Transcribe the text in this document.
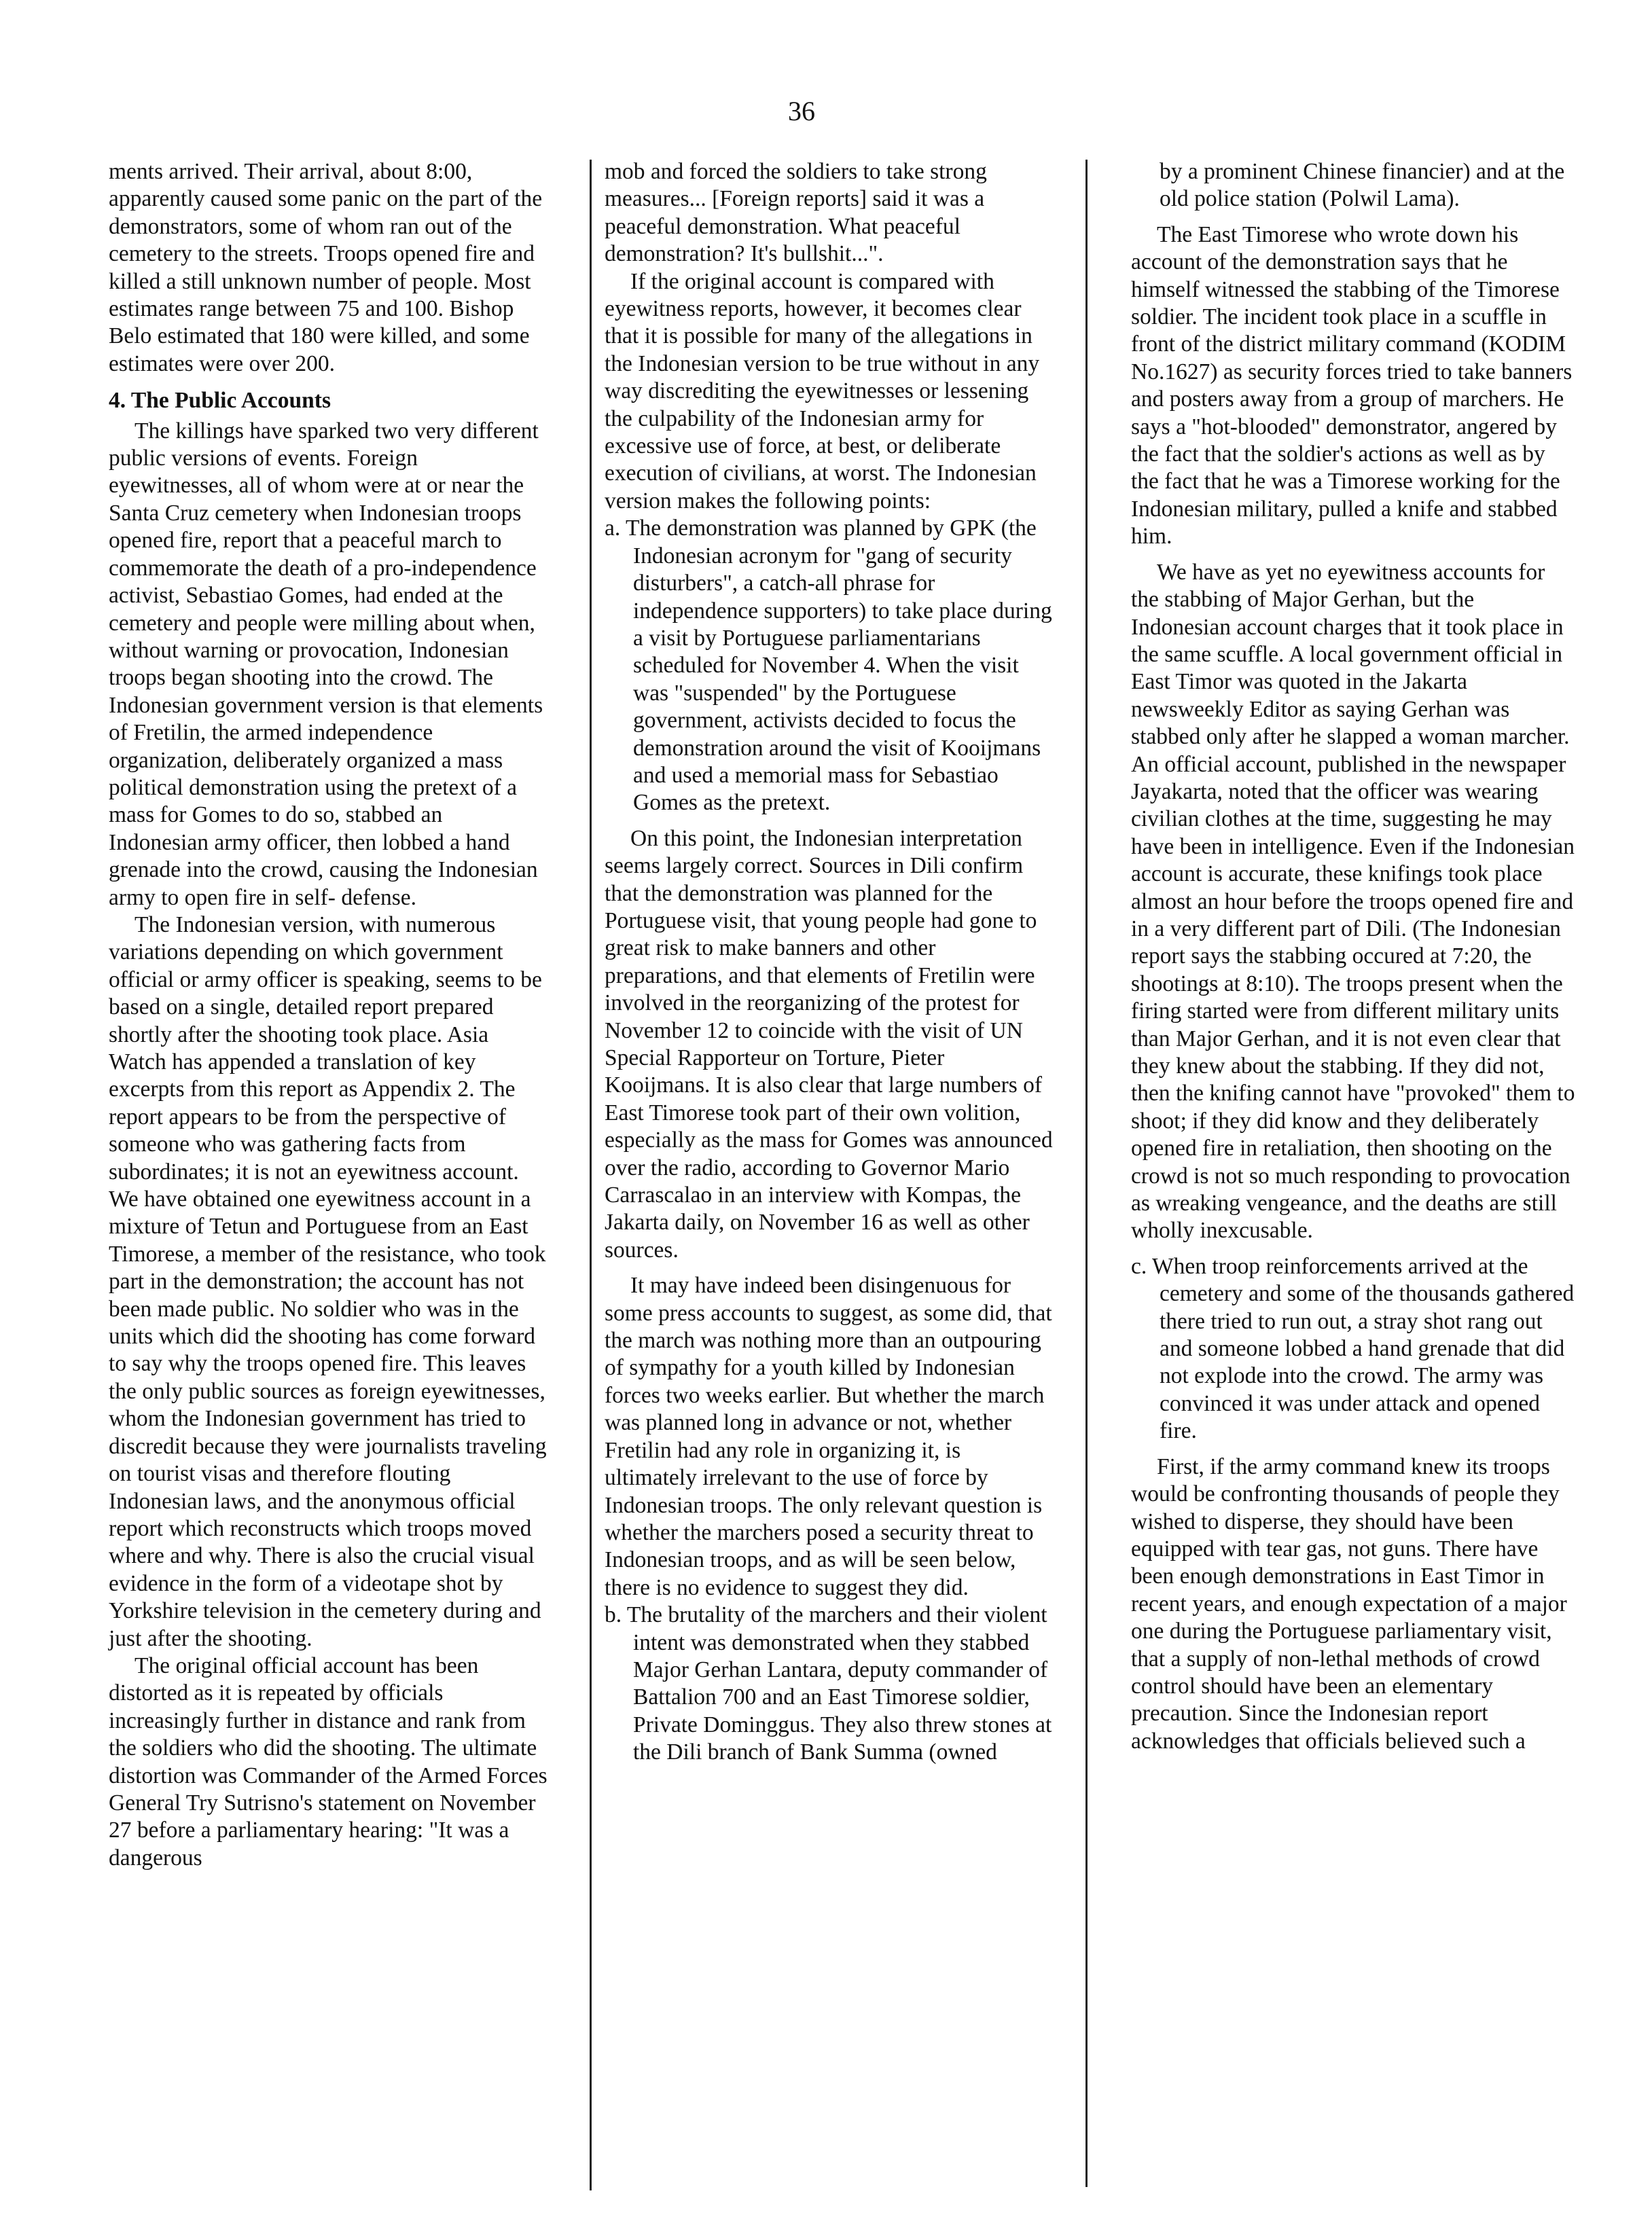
36

ments arrived. Their arrival, about 8:00, apparently caused some panic on the part of the demonstrators, some of whom ran out of the cemetery to the streets. Troops opened fire and killed a still unknown number of people. Most estimates range between 75 and 100. Bishop Belo estimated that 180 were killed, and some estimates were over 200.

4. The Public Accounts

The killings have sparked two very different public versions of events. Foreign eyewitnesses, all of whom were at or near the Santa Cruz cemetery when Indonesian troops opened fire, report that a peaceful march to commemorate the death of a pro-independence activist, Sebastiao Gomes, had ended at the cemetery and people were milling about when, without warning or provocation, Indonesian troops began shooting into the crowd. The Indonesian government version is that elements of Fretilin, the armed independence organization, deliberately organized a mass political demonstration using the pretext of a mass for Gomes to do so, stabbed an Indonesian army officer, then lobbed a hand grenade into the crowd, causing the Indonesian army to open fire in self- defense.

The Indonesian version, with numerous variations depending on which government official or army officer is speaking, seems to be based on a single, detailed report prepared shortly after the shooting took place. Asia Watch has appended a translation of key excerpts from this report as Appendix 2. The report appears to be from the perspective of someone who was gathering facts from subordinates; it is not an eyewitness account. We have obtained one eyewitness account in a mixture of Tetun and Portuguese from an East Timorese, a member of the resistance, who took part in the demonstration; the account has not been made public. No soldier who was in the units which did the shooting has come forward to say why the troops opened fire. This leaves the only public sources as foreign eyewitnesses, whom the Indonesian government has tried to discredit because they were journalists traveling on tourist visas and therefore flouting Indonesian laws, and the anonymous official report which reconstructs which troops moved where and why. There is also the crucial visual evidence in the form of a videotape shot by Yorkshire television in the cemetery during and just after the shooting.

The original official account has been distorted as it is repeated by officials increasingly further in distance and rank from the soldiers who did the shooting. The ultimate distortion was Commander of the Armed Forces General Try Sutrisno's statement on November 27 before a parliamentary hearing: "It was a dangerous

mob and forced the soldiers to take strong measures... [Foreign reports] said it was a peaceful demonstration. What peaceful demonstration? It's bullshit...".

If the original account is compared with eyewitness reports, however, it becomes clear that it is possible for many of the allegations in the Indonesian version to be true without in any way discrediting the eyewitnesses or lessening the culpability of the Indonesian army for excessive use of force, at best, or deliberate execution of civilians, at worst. The Indonesian version makes the following points:

a. The demonstration was planned by GPK (the Indonesian acronym for "gang of security disturbers", a catch-all phrase for independence supporters) to take place during a visit by Portuguese parliamentarians scheduled for November 4. When the visit was "suspended" by the Portuguese government, activists decided to focus the demonstration around the visit of Kooijmans and used a memorial mass for Sebastiao Gomes as the pretext.

On this point, the Indonesian interpretation seems largely correct. Sources in Dili confirm that the demonstration was planned for the Portuguese visit, that young people had gone to great risk to make banners and other preparations, and that elements of Fretilin were involved in the reorganizing of the protest for November 12 to coincide with the visit of UN Special Rapporteur on Torture, Pieter Kooijmans. It is also clear that large numbers of East Timorese took part of their own volition, especially as the mass for Gomes was announced over the radio, according to Governor Mario Carrascalao in an interview with Kompas, the Jakarta daily, on November 16 as well as other sources.

It may have indeed been disingenuous for some press accounts to suggest, as some did, that the march was nothing more than an outpouring of sympathy for a youth killed by Indonesian forces two weeks earlier. But whether the march was planned long in advance or not, whether Fretilin had any role in organizing it, is ultimately irrelevant to the use of force by Indonesian troops. The only relevant question is whether the marchers posed a security threat to Indonesian troops, and as will be seen below, there is no evidence to suggest they did.

b. The brutality of the marchers and their violent intent was demonstrated when they stabbed Major Gerhan Lantara, deputy commander of Battalion 700 and an East Timorese soldier, Private Dominggus. They also threw stones at the Dili branch of Bank Summa (owned

by a prominent Chinese financier) and at the old police station (Polwil Lama).

The East Timorese who wrote down his account of the demonstration says that he himself witnessed the stabbing of the Timorese soldier. The incident took place in a scuffle in front of the district military command (KODIM No.1627) as security forces tried to take banners and posters away from a group of marchers. He says a "hot-blooded" demonstrator, angered by the fact that the soldier's actions as well as by the fact that he was a Timorese working for the Indonesian military, pulled a knife and stabbed him.

We have as yet no eyewitness accounts for the stabbing of Major Gerhan, but the Indonesian account charges that it took place in the same scuffle. A local government official in East Timor was quoted in the Jakarta newsweekly Editor as saying Gerhan was stabbed only after he slapped a woman marcher. An official account, published in the newspaper Jayakarta, noted that the officer was wearing civilian clothes at the time, suggesting he may have been in intelligence. Even if the Indonesian account is accurate, these knifings took place almost an hour before the troops opened fire and in a very different part of Dili. (The Indonesian report says the stabbing occured at 7:20, the shootings at 8:10). The troops present when the firing started were from different military units than Major Gerhan, and it is not even clear that they knew about the stabbing. If they did not, then the knifing cannot have "provoked" them to shoot; if they did know and they deliberately opened fire in retaliation, then shooting on the crowd is not so much responding to provocation as wreaking vengeance, and the deaths are still wholly inexcusable.

c. When troop reinforcements arrived at the cemetery and some of the thousands gathered there tried to run out, a stray shot rang out and someone lobbed a hand grenade that did not explode into the crowd. The army was convinced it was under attack and opened fire.

First, if the army command knew its troops would be confronting thousands of people they wished to disperse, they should have been equipped with tear gas, not guns. There have been enough demonstrations in East Timor in recent years, and enough expectation of a major one during the Portuguese parliamentary visit, that a supply of non-lethal methods of crowd control should have been an elementary precaution. Since the Indonesian report acknowledges that officials believed such a
